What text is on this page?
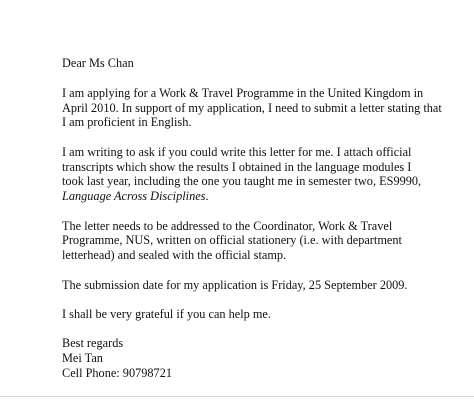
Dear Ms Chan

I am applying for a Work & Travel Programme in the United Kingdom in
April 2010. In support of my application, I need to submit a letter stating that
I am proficient in English.

I am writing to ask if you could write this letter for me. I attach official
transcripts which show the results I obtained in the language modules I
took last year, including the one you taught me in semester two, ES9990,
Language Across Disciplines.

The letter needs to be addressed to the Coordinator, Work & Travel
Programme, NUS, written on official stationery (i.e. with department
letterhead) and sealed with the official stamp.

The submission date for my application is Friday, 25 September 2009.

I shall be very grateful if you can help me.

Best regards
Mei Tan
Cell Phone: 90798721
